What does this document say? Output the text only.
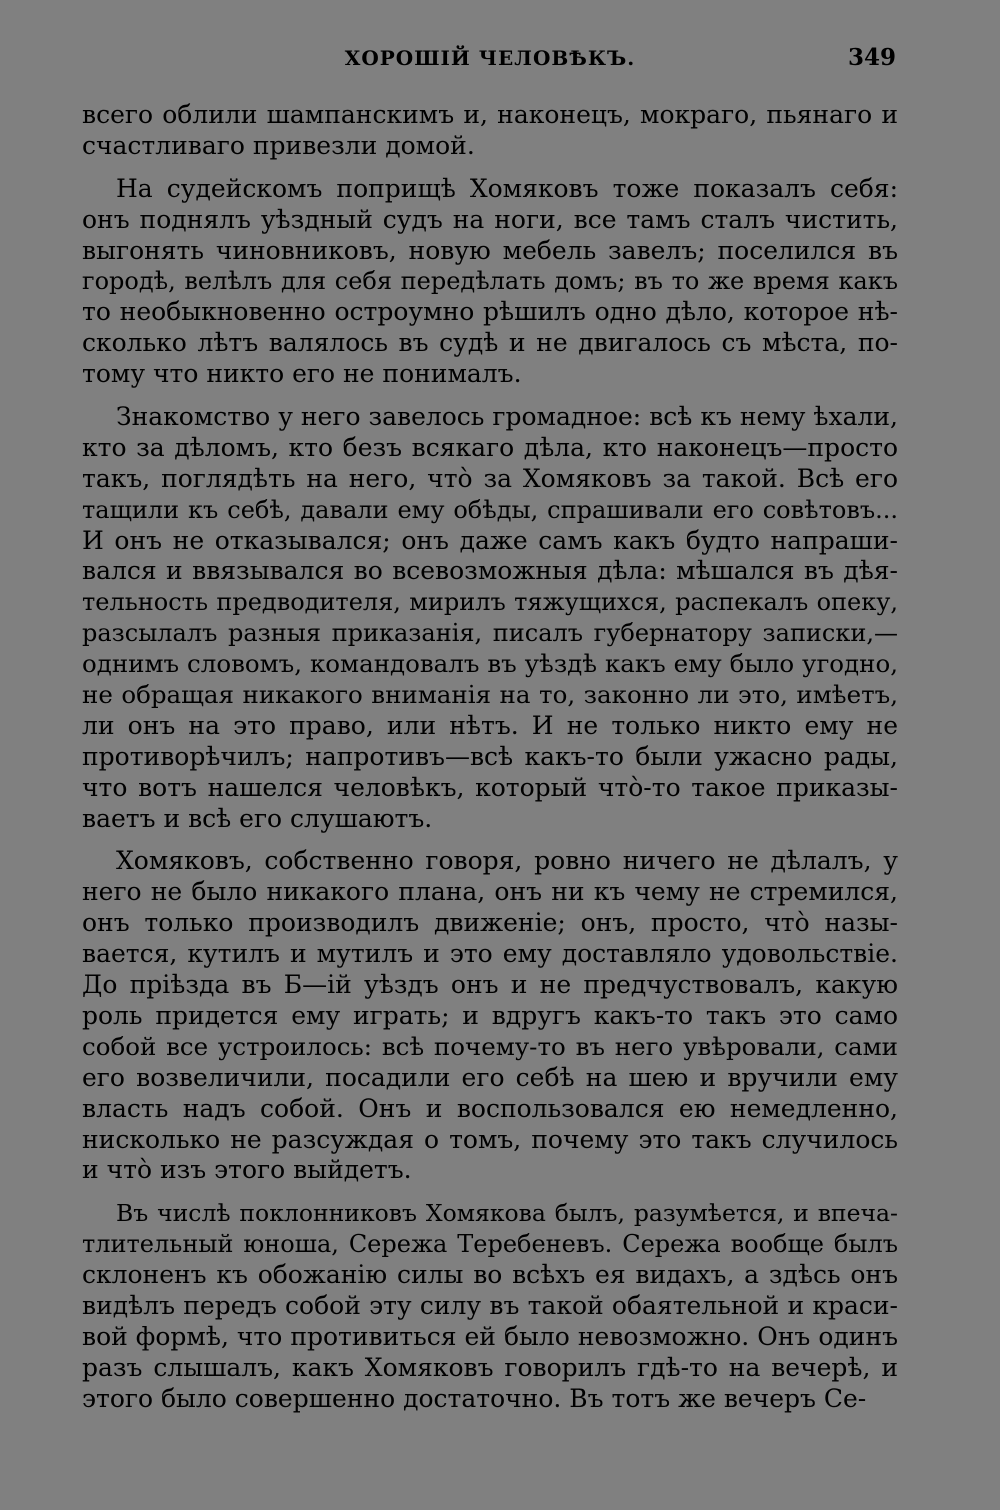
ХОРОШІЙ ЧЕЛОВѢКЪ.	349
всего облили шампанскимъ и, наконецъ, мокраго, пьянаго и
счастливаго привезли домой.
На судейскомъ поприщѣ Хомяковъ тоже показалъ себя:
онъ поднялъ уѣздный судъ на ноги, все тамъ сталъ чистить,
выгонять чиновниковъ, новую мебель завелъ; поселился въ
городѣ, велѣлъ для себя передѣлать домъ; въ то же время какъ
то необыкновенно остроумно рѣшилъ одно дѣло, которое нѣ-
сколько лѣтъ валялось въ судѣ и не двигалось съ мѣста, по-
тому что никто его не понималъ.
Знакомство у него завелось громадное: всѣ къ нему ѣхали,
кто за дѣломъ, кто безъ всякаго дѣла, кто наконецъ—просто
такъ, поглядѣть на него, что̀ за Хомяковъ за такой. Всѣ его
тащили къ себѣ, давали ему обѣды, спрашивали его совѣтовъ...
И онъ не отказывался; онъ даже самъ какъ будто напраши-
вался и ввязывался во всевозможныя дѣла: мѣшался въ дѣя-
тельность предводителя, мирилъ тяжущихся, распекалъ опеку,
разсылалъ разныя приказанія, писалъ губернатору записки,—
однимъ словомъ, командовалъ въ уѣздѣ какъ ему было угодно,
не обращая никакого вниманія на то, законно ли это, имѣетъ,
ли онъ на это право, или нѣтъ. И не только никто ему не
противорѣчилъ; напротивъ—всѣ какъ-то были ужасно рады,
что вотъ нашелся человѣкъ, который что̀-то такое приказы-
ваетъ и всѣ его слушаютъ.
Хомяковъ, собственно говоря, ровно ничего не дѣлалъ, у
него не было никакого плана, онъ ни къ чему не стремился,
онъ только производилъ движеніе; онъ, просто, что̀ назы-
вается, кутилъ и мутилъ и это ему доставляло удовольствіе.
До пріѣзда въ Б—ій уѣздъ онъ и не предчуствовалъ, какую
роль придется ему играть; и вдругъ какъ-то такъ это само
собой все устроилось: всѣ почему-то въ него увѣровали, сами
его возвеличили, посадили его себѣ на шею и вручили ему
власть надъ собой. Онъ и воспользовался ею немедленно,
нисколько не разсуждая о томъ, почему это такъ случилось
и что̀ изъ этого выйдетъ.
Въ числѣ поклонниковъ Хомякова былъ, разумѣется, и впеча-
тлительный юноша, Сережа Теребеневъ. Сережа вообще былъ
склоненъ къ обожанію силы во всѣхъ ея видахъ, а здѣсь онъ
видѣлъ передъ собой эту силу въ такой обаятельной и краси-
вой формѣ, что противиться ей было невозможно. Онъ одинъ
разъ слышалъ, какъ Хомяковъ говорилъ гдѣ-то на вечерѣ, и
этого было совершенно достаточно. Въ тотъ же вечеръ Се-
